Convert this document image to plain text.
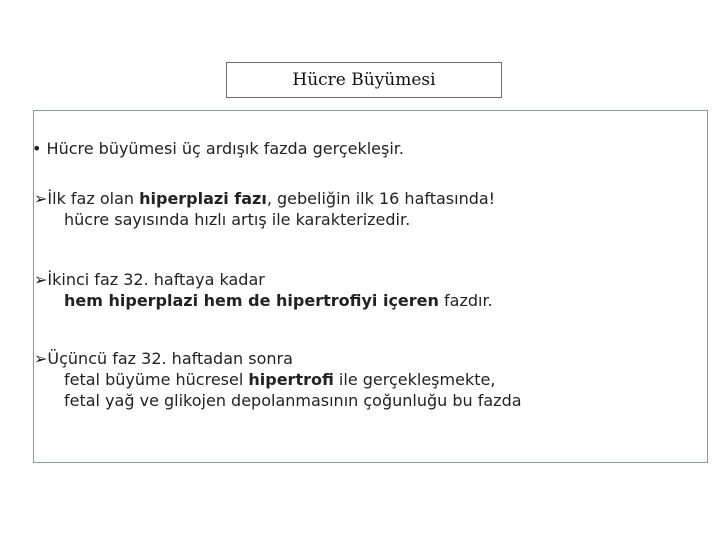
Hücre Büyümesi
• Hücre büyümesi üç ardışık fazda gerçekleşir.
➢İlk faz olan hiperplazi fazı, gebeliğin ilk 16 haftasında!
hücre sayısında hızlı artış ile karakterizedir.
➢İkinci faz 32. haftaya kadar
hem hiperplazi hem de hipertrofiyi içeren fazdır.
➢Üçüncü faz 32. haftadan sonra
fetal büyüme hücresel hipertrofi ile gerçekleşmekte,
fetal yağ ve glikojen depolanmasının çoğunluğu bu fazda
